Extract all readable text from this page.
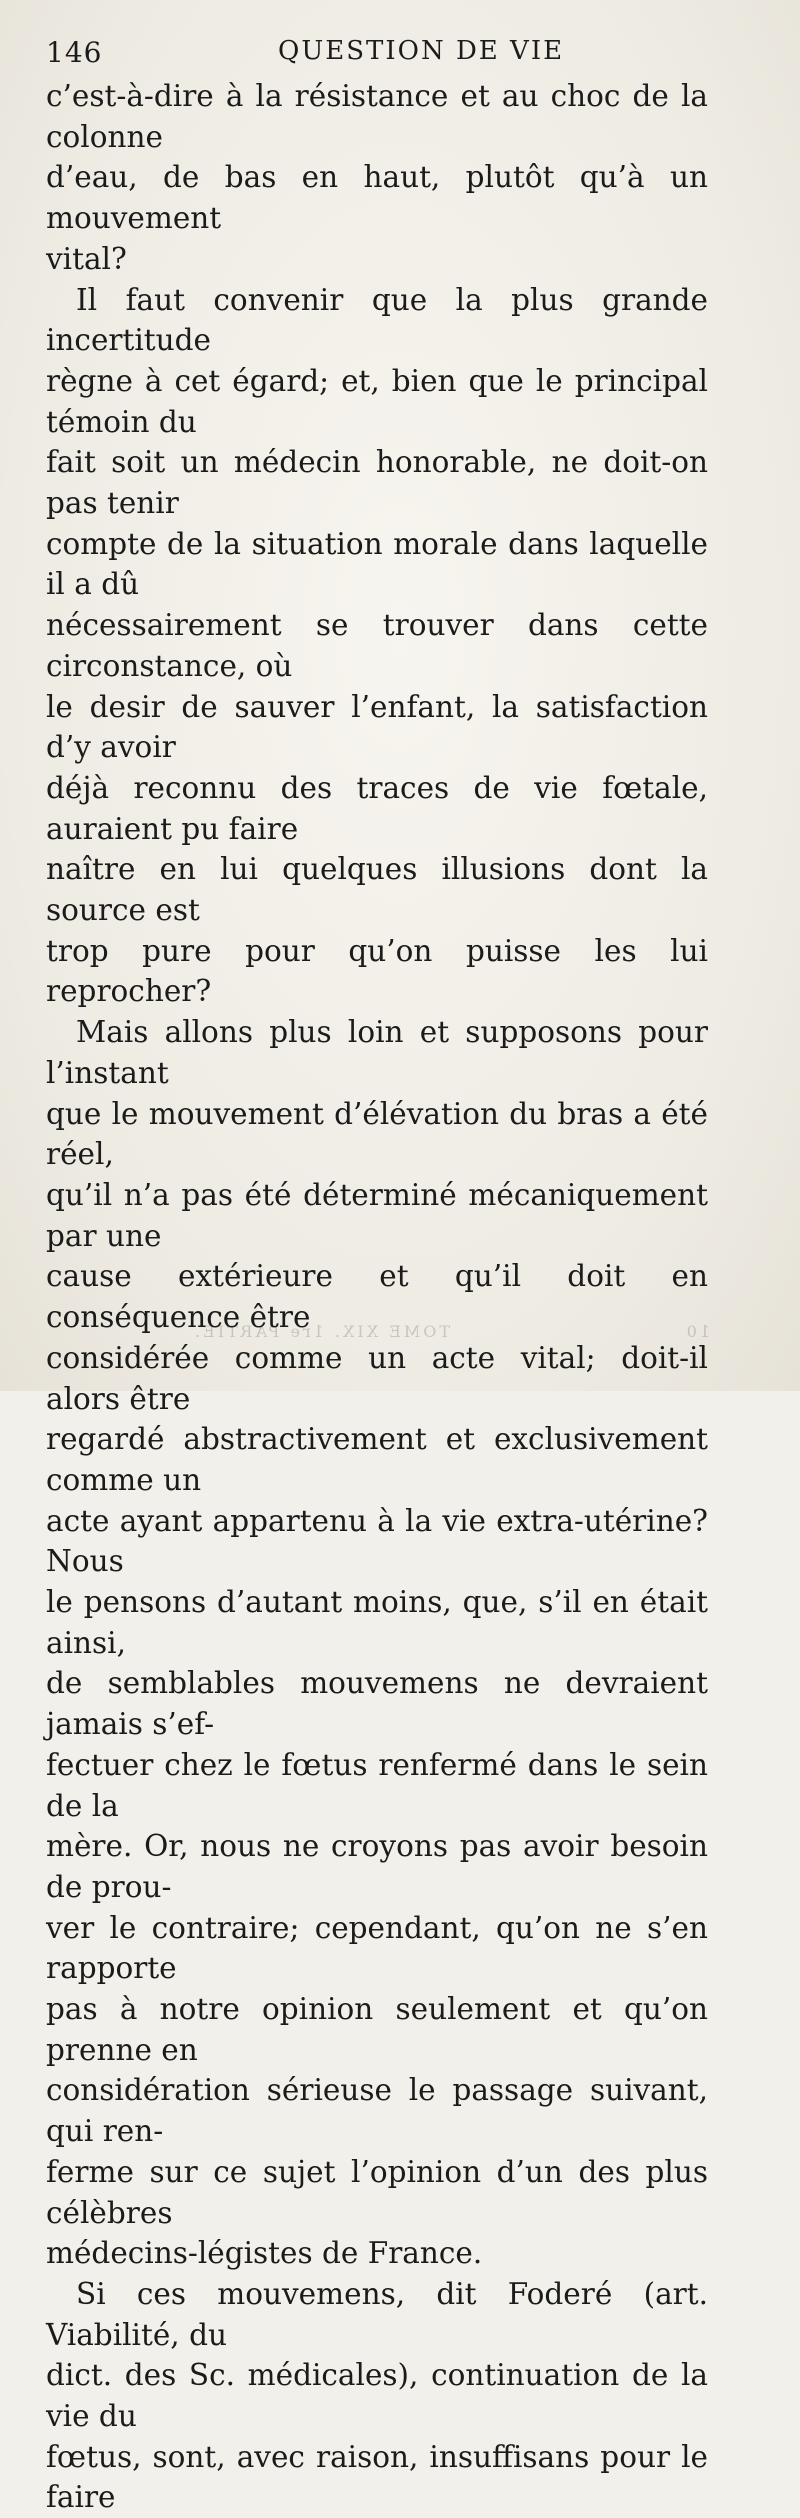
146	QUESTION DE VIE

c’est-à-dire à la résistance et au choc de la colonne
d’eau, de bas en haut, plutôt qu’à un mouvement
vital?

Il faut convenir que la plus grande incertitude
règne à cet égard; et, bien que le principal témoin du
fait soit un médecin honorable, ne doit-on pas tenir
compte de la situation morale dans laquelle il a dû
nécessairement se trouver dans cette circonstance, où
le desir de sauver l’enfant, la satisfaction d’y avoir
déjà reconnu des traces de vie fœtale, auraient pu faire
naître en lui quelques illusions dont la source est
trop pure pour qu’on puisse les lui reprocher?

Mais allons plus loin et supposons pour l’instant
que le mouvement d’élévation du bras a été réel,
qu’il n’a pas été déterminé mécaniquement par une
cause extérieure et qu’il doit en conséquence être
considérée comme un acte vital; doit-il alors être
regardé abstractivement et exclusivement comme un
acte ayant appartenu à la vie extra-utérine? Nous
le pensons d’autant moins, que, s’il en était ainsi,
de semblables mouvemens ne devraient jamais s’ef-
fectuer chez le fœtus renfermé dans le sein de la
mère. Or, nous ne croyons pas avoir besoin de prou-
ver le contraire; cependant, qu’on ne s’en rapporte
pas à notre opinion seulement et qu’on prenne en
considération sérieuse le passage suivant, qui ren-
ferme sur ce sujet l’opinion d’un des plus célèbres
médecins-légistes de France.

Si ces mouvemens, dit Foderé (art. Viabilité, du
dict. des Sc. médicales), continuation de la vie du
fœtus, sont, avec raison, insuffisans pour le faire

10
TOME XIX. 1re PARTIE.
